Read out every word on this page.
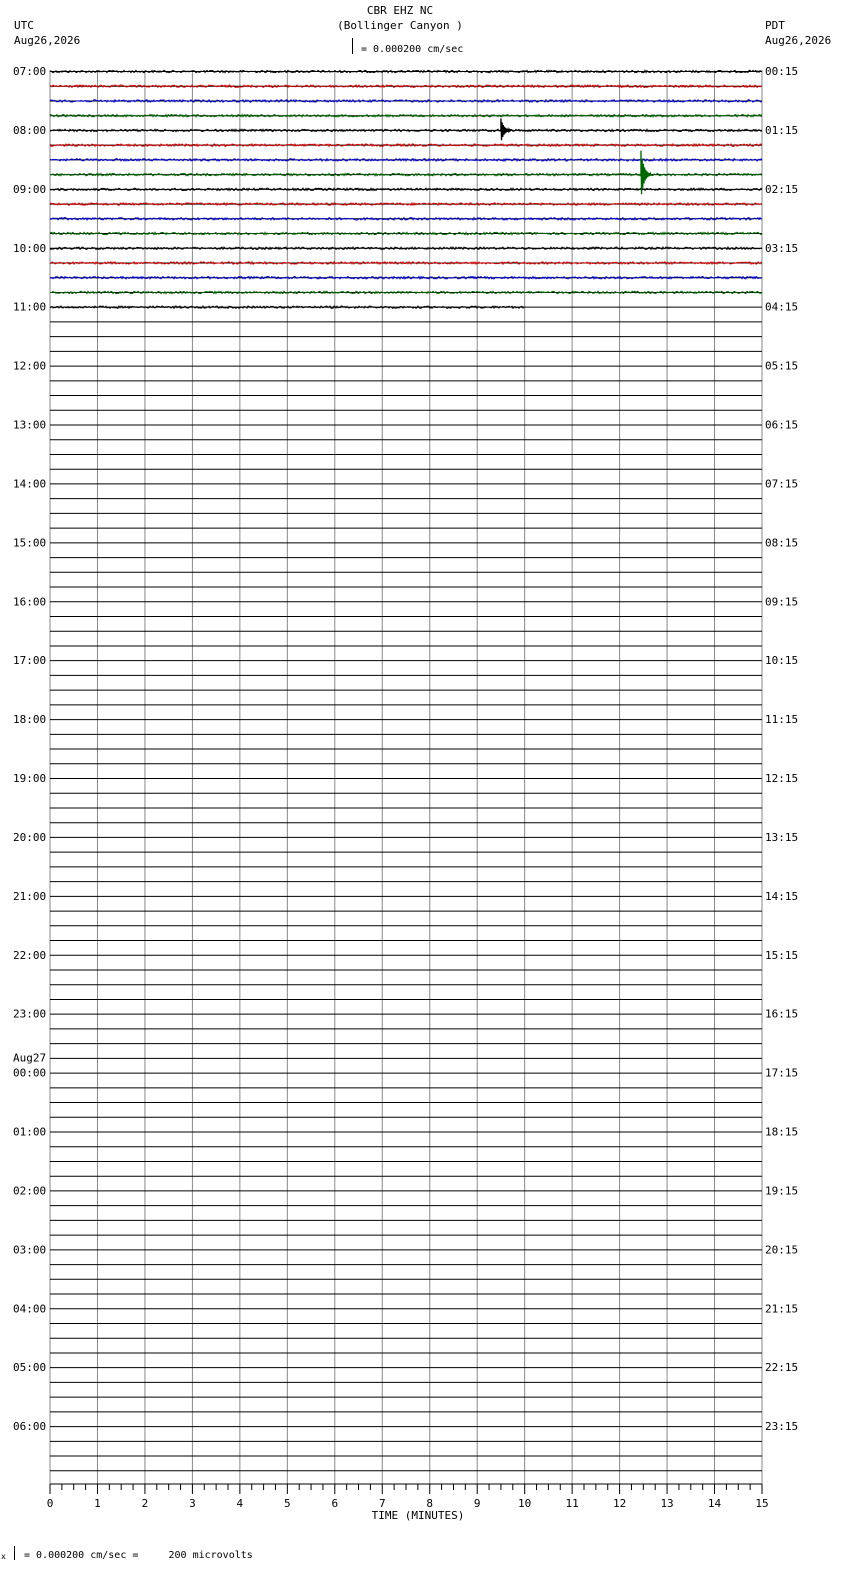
CBR EHZ NC
(Bollinger Canyon )
= 0.000200 cm/sec
UTC
Aug26,2026
PDT
Aug26,2026
07:00	00:15
08:00	01:15
09:00	02:15
10:00	03:15
11:00	04:15
12:00	05:15
13:00	06:15
14:00	07:15
15:00	08:15
16:00	09:15
17:00	10:15
18:00	11:15
19:00	12:15
20:00	13:15
21:00	14:15
22:00	15:15
23:00	16:15
00:00	17:15
01:00	18:15
02:00	19:15
03:00	20:15
04:00	21:15
05:00	22:15
06:00	23:15
Aug27
0	1	2	3	4	5	6	7	8	9	10	11	12	13	14	15
TIME (MINUTES)
x = 0.000200 cm/sec =     200 microvolts
